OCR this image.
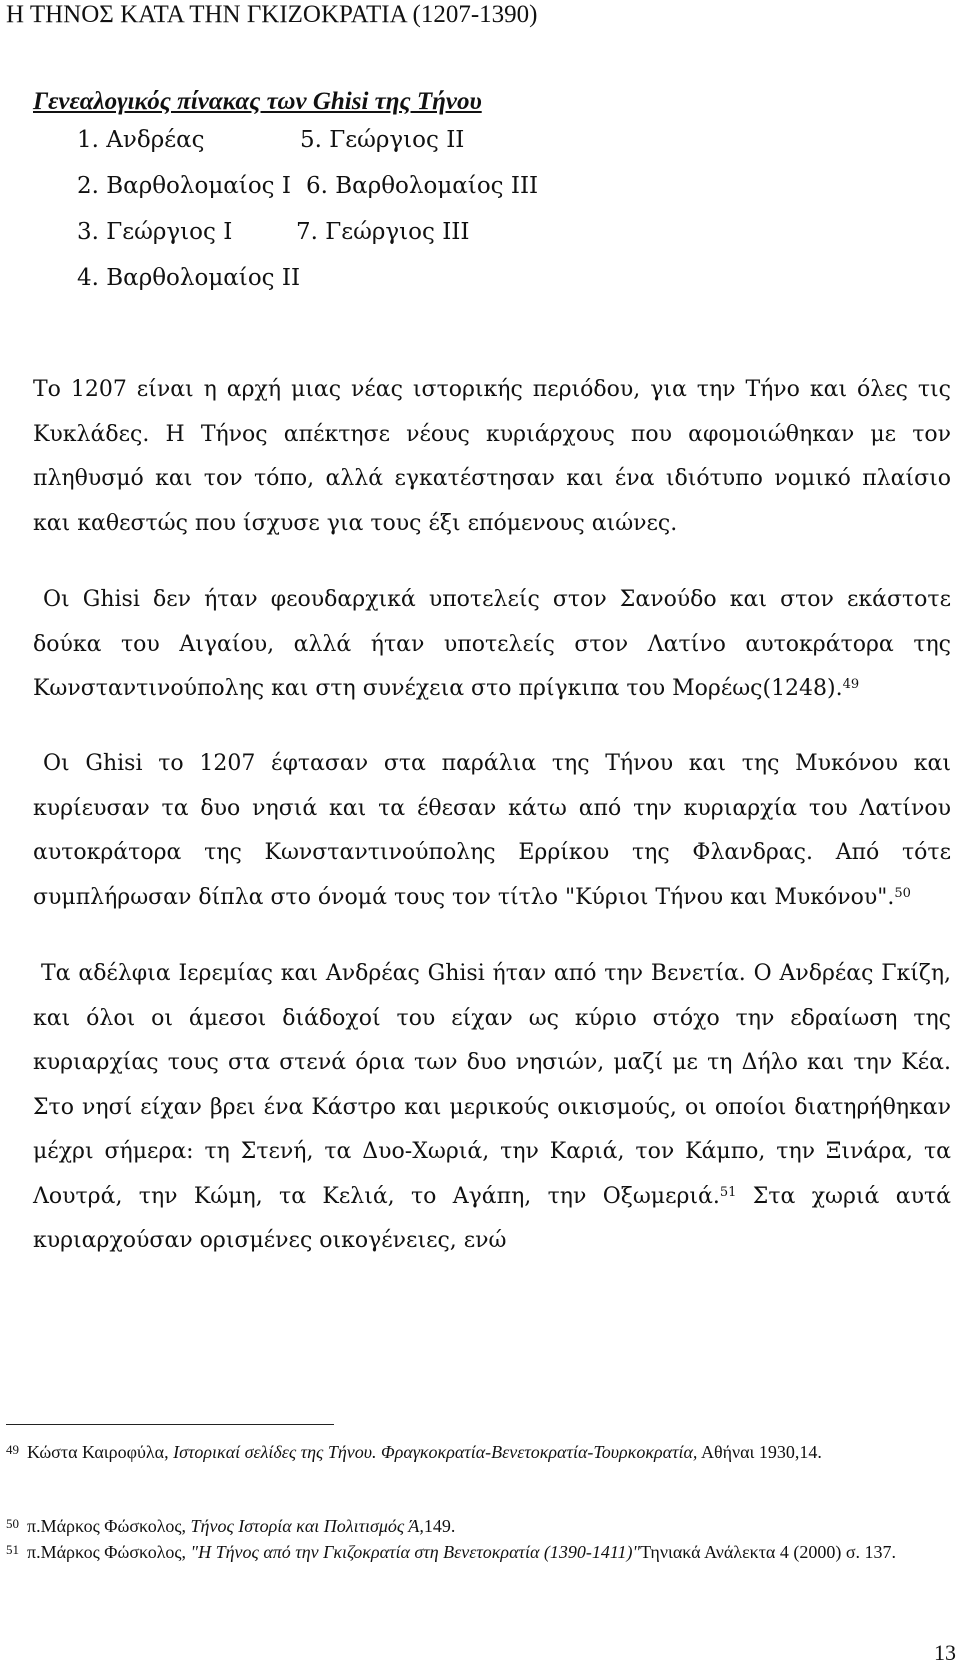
Η ΤΗΝΟΣ ΚΑΤΑ ΤΗΝ ΓΚΙΖΟΚΡΑΤΙΑ (1207-1390)
Γενεαλογικός πίνακας των Ghisi της Τήνου
1. Ανδρέας	5. Γεώργιος ΙΙ
2. Βαρθολομαίος Ι 6. Βαρθολομαίος ΙΙΙ
3. Γεώργιος Ι	7. Γεώργιος ΙΙΙ
4. Βαρθολομαίος ΙΙ

Το 1207 είναι η αρχή μιας νέας ιστορικής περιόδου, για την Τήνο και όλες τις Κυκλάδες. Η Τήνος απέκτησε νέους κυριάρχους που αφομοιώθηκαν με τον πληθυσμό και τον τόπο, αλλά εγκατέστησαν και ένα ιδιότυπο νομικό πλαίσιο και καθεστώς που ίσχυσε για τους έξι επόμενους αιώνες.

Οι Ghisi δεν ήταν φεουδαρχικά υποτελείς στον Σανούδο και στον εκάστοτε δούκα του Αιγαίου, αλλά ήταν υποτελείς στον Λατίνο αυτοκράτορα της Κωνσταντινούπολης και στη συνέχεια στο πρίγκιπα του Μορέως(1248).$^{49}$

Οι Ghisi το 1207 έφτασαν στα παράλια της Τήνου και της Μυκόνου και κυρίευσαν τα δυο νησιά και τα έθεσαν κάτω από την κυριαρχία του Λατίνου αυτοκράτορα της Κωνσταντινούπολης Ερρίκου της Φλανδρας. Από τότε συμπλήρωσαν δίπλα στο όνομά τους τον τίτλο "Κύριοι Τήνου και Μυκόνου".$^{50}$

Τα αδέλφια Ιερεμίας και Ανδρέας Ghisi ήταν από την Βενετία. Ο Ανδρέας Γκίζη, και όλοι οι άμεσοι διάδοχοί του είχαν ως κύριο στόχο την εδραίωση της κυριαρχίας τους στα στενά όρια των δυο νησιών, μαζί με τη Δήλο και την Κέα. Στο νησί είχαν βρει ένα Κάστρο και μερικούς οικισμούς, οι οποίοι διατηρήθηκαν μέχρι σήμερα: τη Στενή, τα Δυο-Χωριά, την Καριά, τον Κάμπο, την Ξινάρα, τα Λουτρά, την Κώμη, τα Κελιά, το Αγάπη, την Οξωμεριά.$^{51}$ Στα χωριά αυτά κυριαρχούσαν ορισμένες οικογένειες, ενώ

$^{49}$ Κώστα Καιροφύλα, Ιστορικαί σελίδες της Τήνου. Φραγκοκρατία-Βενετοκρατία-Τουρκοκρατία, Αθήναι 1930,14.

$^{50}$ π.Μάρκος Φώσκολος, Τήνος Ιστορία και Πολιτισμός Ά,149.

$^{51}$ π.Μάρκος Φώσκολος, "Η Τήνος από την Γκιζοκρατία στη Βενετοκρατία (1390-1411)"Τηνιακά Ανάλεκτα 4 (2000) σ. 137.

13
